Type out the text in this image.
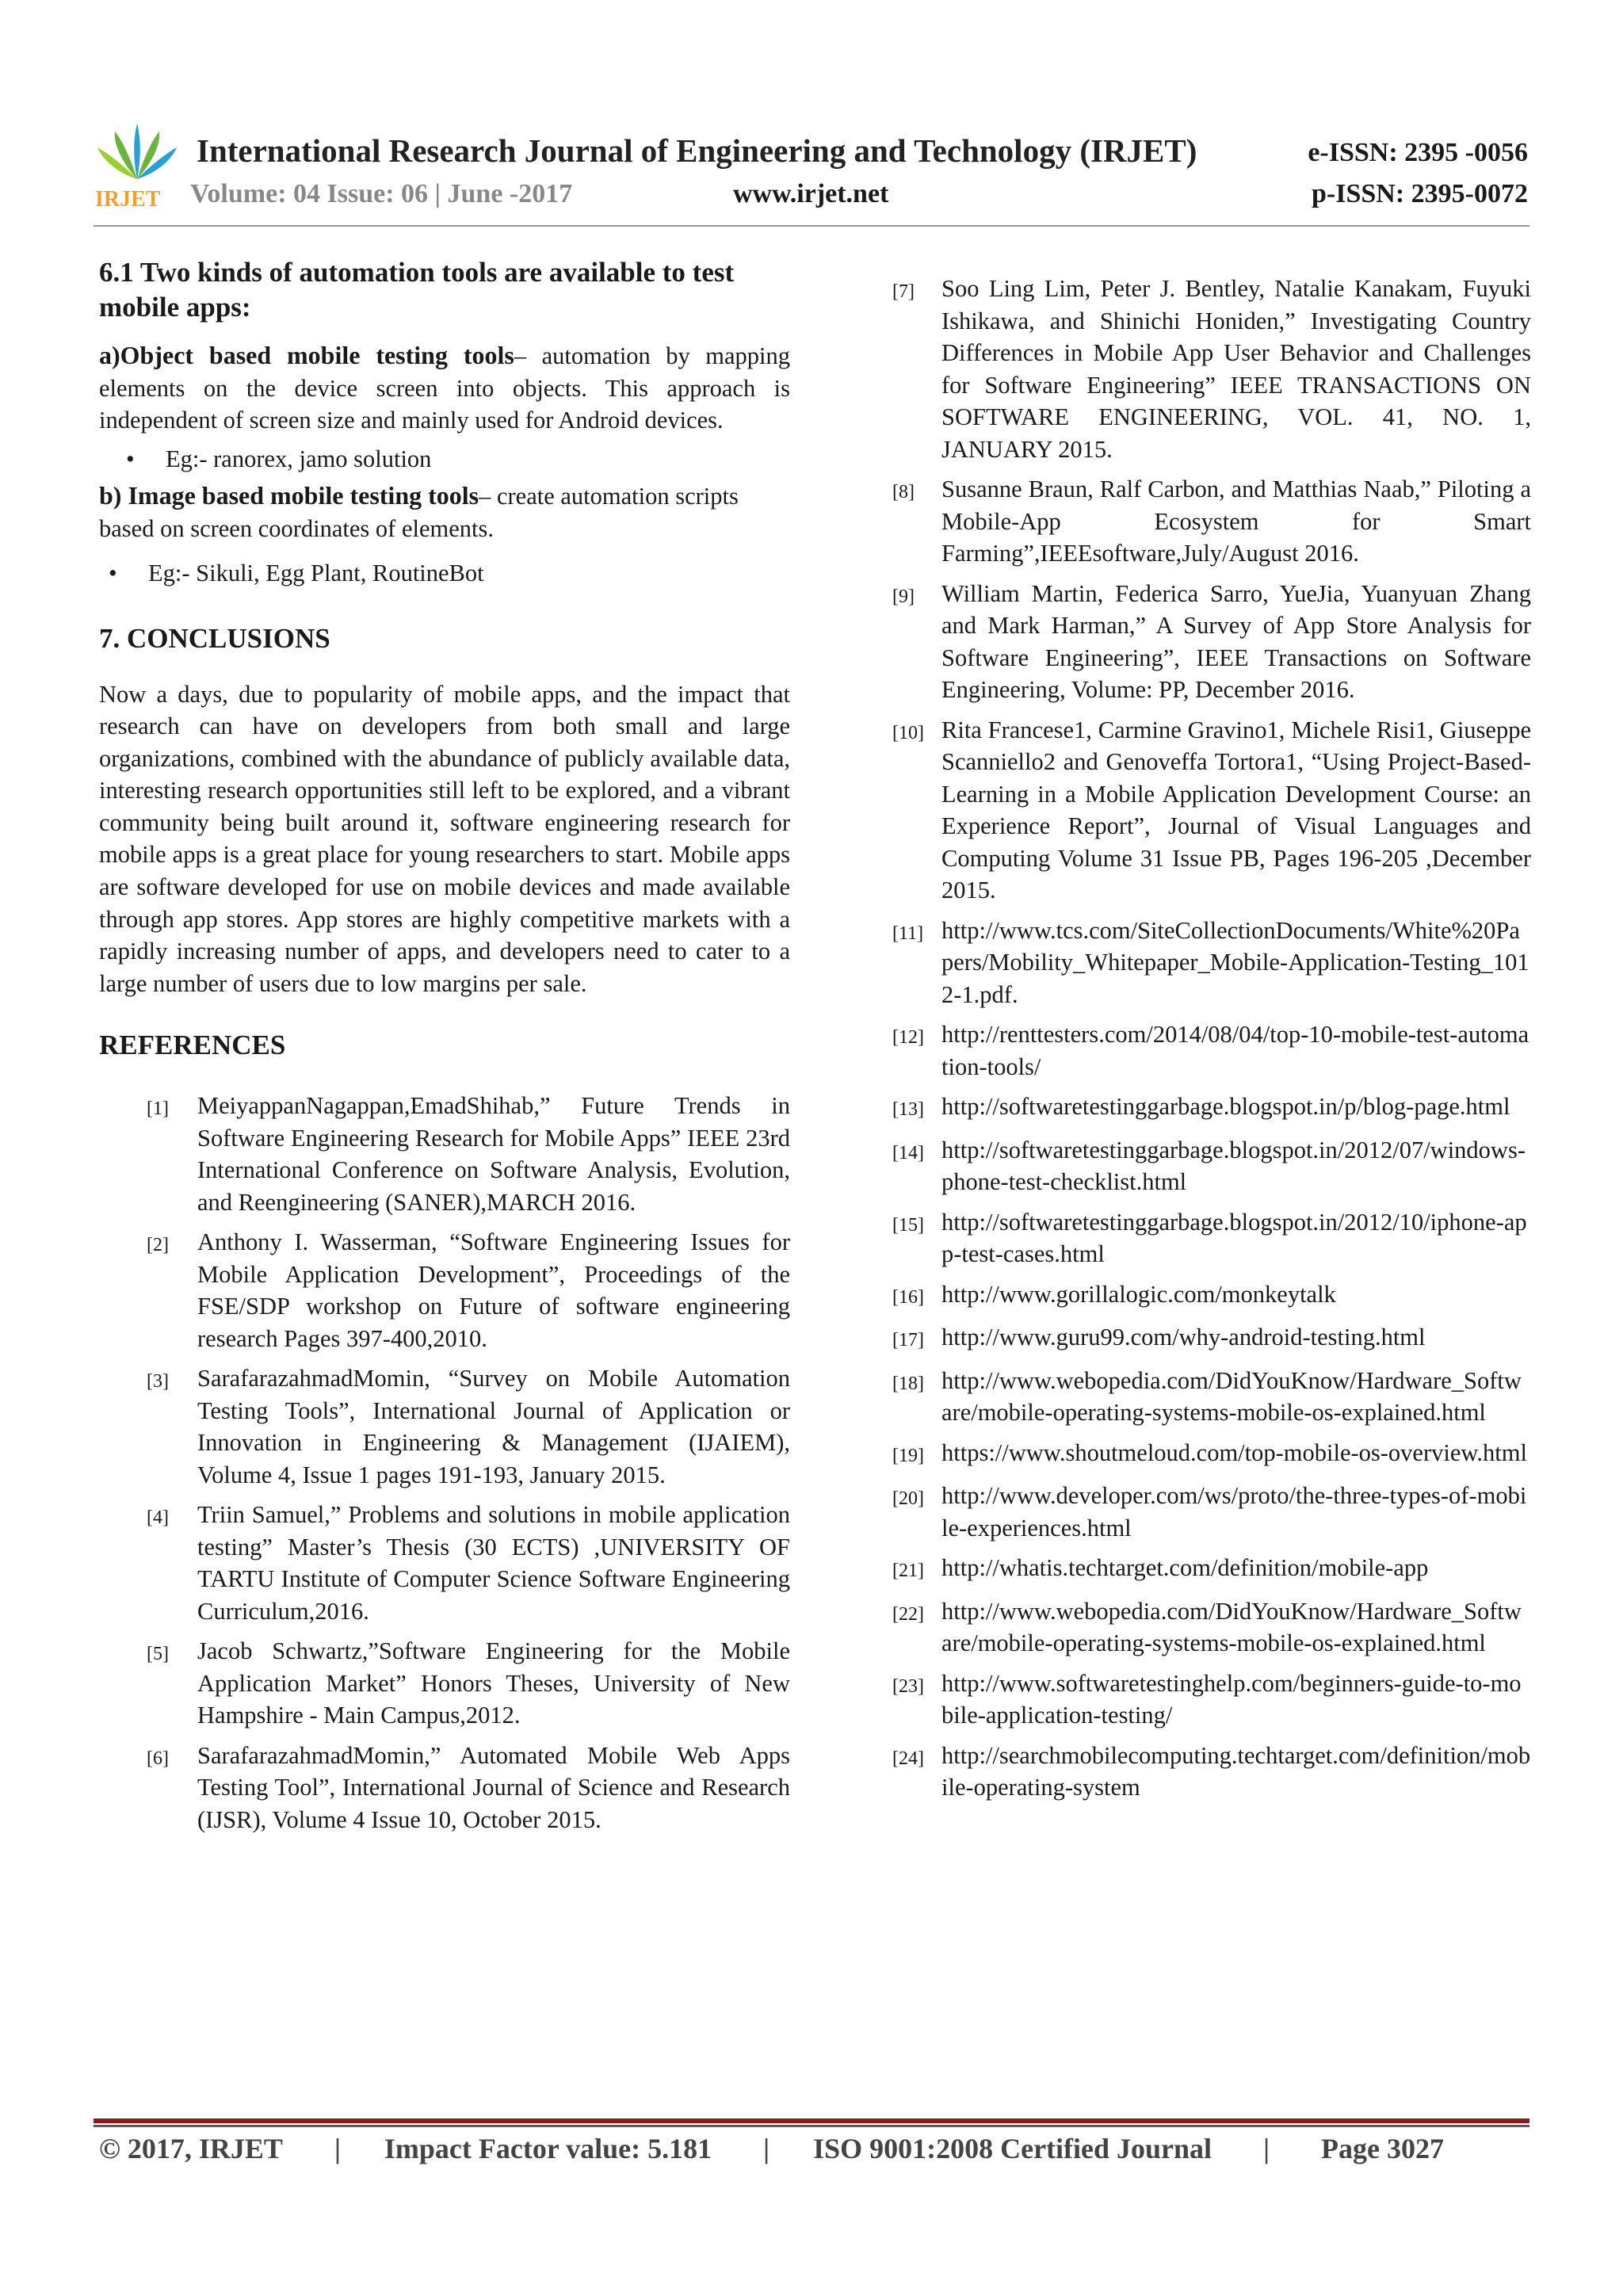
IRJET
International Research Journal of Engineering and Technology (IRJET)	e-ISSN: 2395 -0056
Volume: 04 Issue: 06 | June -2017	www.irjet.net	p-ISSN: 2395-0072
6.1 Two kinds of automation tools are available to test mobile apps:

a)Object based mobile testing tools– automation by mapping elements on the device screen into objects. This approach is independent of screen size and mainly used for Android devices.

• Eg:- ranorex, jamo solution

b) Image based mobile testing tools– create automation scripts based on screen coordinates of elements.

• Eg:- Sikuli, Egg Plant, RoutineBot
7. CONCLUSIONS

Now a days, due to popularity of mobile apps, and the impact that research can have on developers from both small and large organizations, combined with the abundance of publicly available data, interesting research opportunities still left to be explored, and a vibrant community being built around it, software engineering research for mobile apps is a great place for young researchers to start. Mobile apps are software developed for use on mobile devices and made available through app stores. App stores are highly competitive markets with a rapidly increasing number of apps, and developers need to cater to a large number of users due to low margins per sale.

REFERENCES
[1]	MeiyappanNagappan,EmadShihab,” Future Trends in Software Engineering Research for Mobile Apps” IEEE 23rd International Conference on Software Analysis, Evolution, and Reengineering (SANER),MARCH 2016.
[2]	Anthony I. Wasserman, “Software Engineering Issues for Mobile Application Development”, Proceedings of the FSE/SDP workshop on Future of software engineering research Pages 397-400,2010.
[3]	SarafarazahmadMomin, “Survey on Mobile Automation Testing Tools”, International Journal of Application or Innovation in Engineering & Management (IJAIEM), Volume 4, Issue 1 pages 191-193, January 2015.
[4]	Triin Samuel,” Problems and solutions in mobile application testing” Master’s Thesis (30 ECTS) ,UNIVERSITY OF TARTU Institute of Computer Science Software Engineering Curriculum,2016.
[5]	Jacob Schwartz,”Software Engineering for the Mobile Application Market” Honors Theses, University of New Hampshire - Main Campus,2012.
[6]	SarafarazahmadMomin,” Automated Mobile Web Apps Testing Tool”, International Journal of Science and Research (IJSR), Volume 4 Issue 10, October 2015.
[7]	Soo Ling Lim, Peter J. Bentley, Natalie Kanakam, Fuyuki Ishikawa, and Shinichi Honiden,” Investigating Country Differences in Mobile App User Behavior and Challenges for Software Engineering” IEEE TRANSACTIONS ON SOFTWARE ENGINEERING, VOL. 41, NO. 1, JANUARY 2015.
[8]	Susanne Braun, Ralf Carbon, and Matthias Naab,” Piloting a Mobile-App Ecosystem for Smart Farming”,IEEEsoftware,July/August 2016.
[9]	William Martin, Federica Sarro, YueJia, Yuanyuan Zhang and Mark Harman,” A Survey of App Store Analysis for Software Engineering”, IEEE Transactions on Software Engineering, Volume: PP, December 2016.
[10] Rita Francese1, Carmine Gravino1, Michele Risi1, Giuseppe Scanniello2 and Genoveffa Tortora1, “Using Project-Based-Learning in a Mobile Application Development Course: an Experience Report”, Journal of Visual Languages and Computing Volume 31 Issue PB, Pages 196-205 ,December 2015.
[11] http://www.tcs.com/SiteCollectionDocuments/White%20Papers/Mobility_Whitepaper_Mobile-Application-Testing_1012-1.pdf.
[12] http://renttesters.com/2014/08/04/top-10-mobile-test-automation-tools/
[13] http://softwaretestinggarbage.blogspot.in/p/blog-page.html
[14] http://softwaretestinggarbage.blogspot.in/2012/07/windows-phone-test-checklist.html
[15] http://softwaretestinggarbage.blogspot.in/2012/10/iphone-app-test-cases.html
[16] http://www.gorillalogic.com/monkeytalk
[17] http://www.guru99.com/why-android-testing.html
[18] http://www.webopedia.com/DidYouKnow/Hardware_Software/mobile-operating-systems-mobile-os-explained.html
[19] https://www.shoutmeloud.com/top-mobile-os-overview.html
[20] http://www.developer.com/ws/proto/the-three-types-of-mobile-experiences.html
[21] http://whatis.techtarget.com/definition/mobile-app
[22] http://www.webopedia.com/DidYouKnow/Hardware_Software/mobile-operating-systems-mobile-os-explained.html
[23] http://www.softwaretestinghelp.com/beginners-guide-to-mobile-application-testing/
[24] http://searchmobilecomputing.techtarget.com/definition/mobile-operating-system
© 2017, IRJET | Impact Factor value: 5.181 | ISO 9001:2008 Certified Journal | Page 3027
